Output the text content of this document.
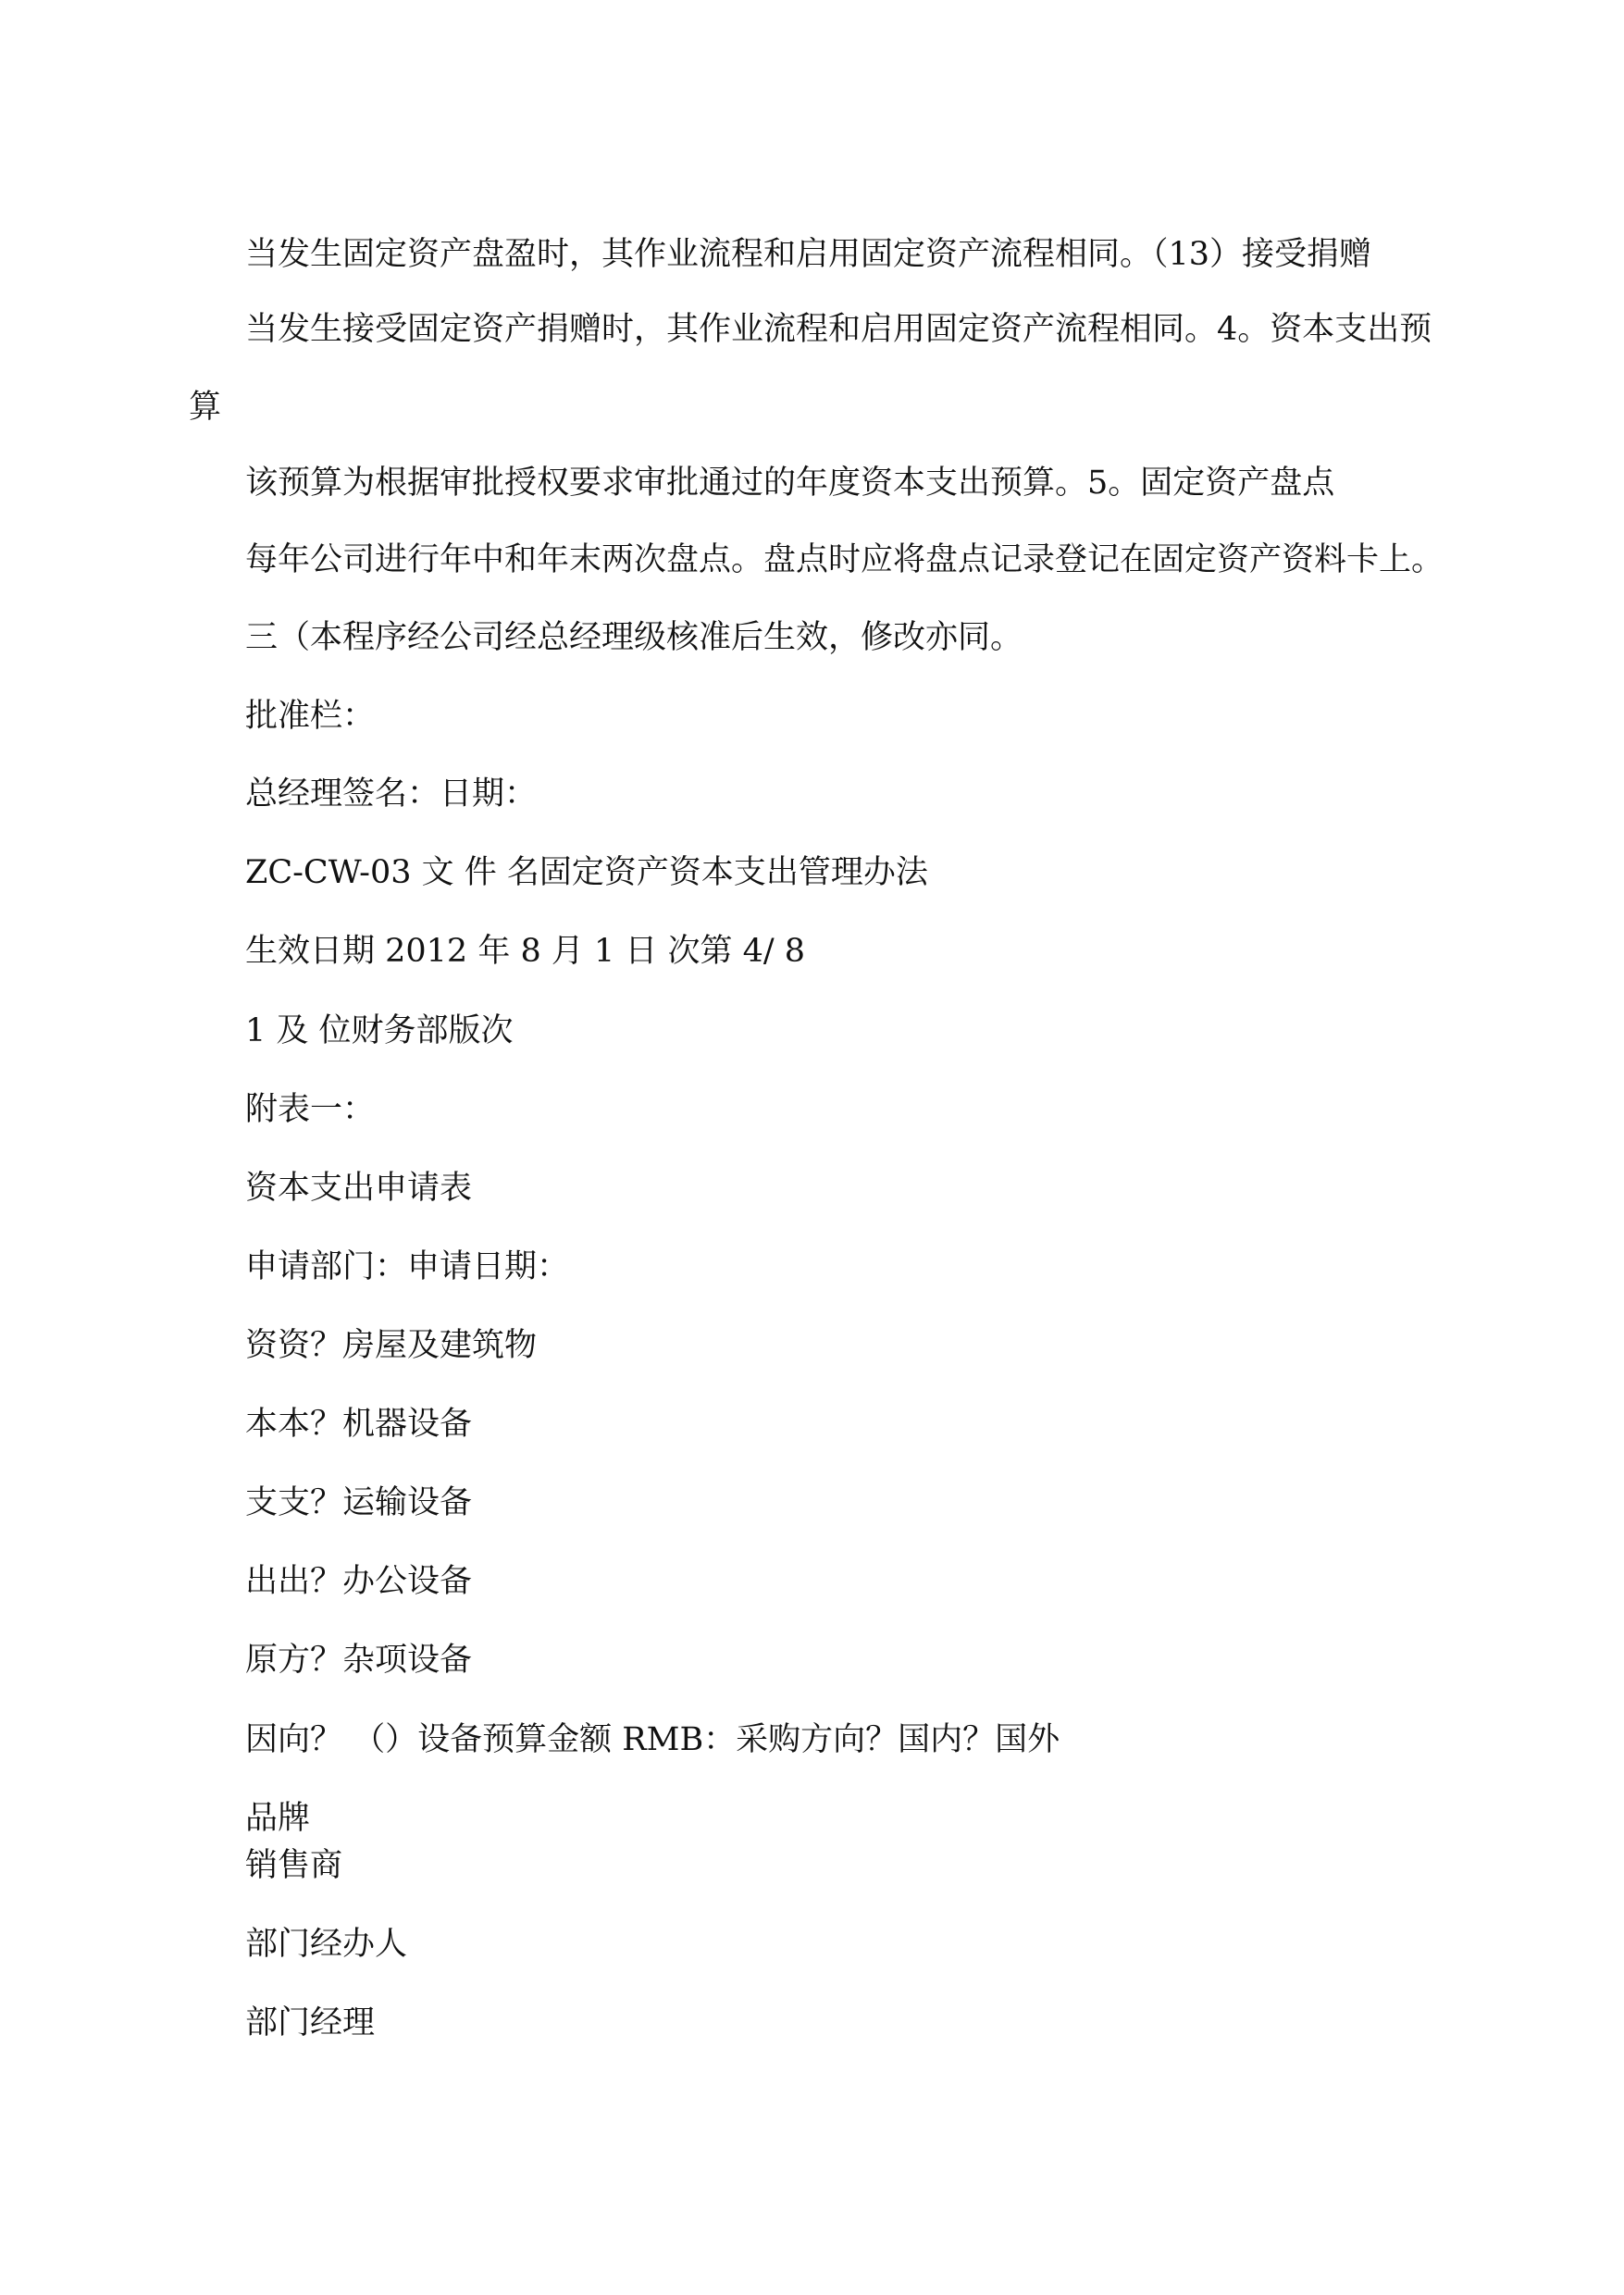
当发生固定资产盘盈时，其作业流程和启用固定资产流程相同。（13）接受捐赠
当发生接受固定资产捐赠时，其作业流程和启用固定资产流程相同。4。资本支出预
算
该预算为根据审批授权要求审批通过的年度资本支出预算。5。固定资产盘点
每年公司进行年中和年末两次盘点。盘点时应将盘点记录登记在固定资产资料卡上。
三（本程序经公司经总经理级核准后生效，修改亦同。
批准栏：
总经理签名：日期：
ZC-CW-03 文 件 名固定资产资本支出管理办法
生效日期 2012 年 8 月 1 日 次第 4/ 8
1 及 位财务部版次
附表一：
资本支出申请表
申请部门：申请日期：
资资？房屋及建筑物
本本？机器设备
支支？运输设备
出出？办公设备
原方？杂项设备
因向？ （）设备预算金额 RMB：采购方向？国内？国外
品牌
销售商
部门经办人
部门经理
